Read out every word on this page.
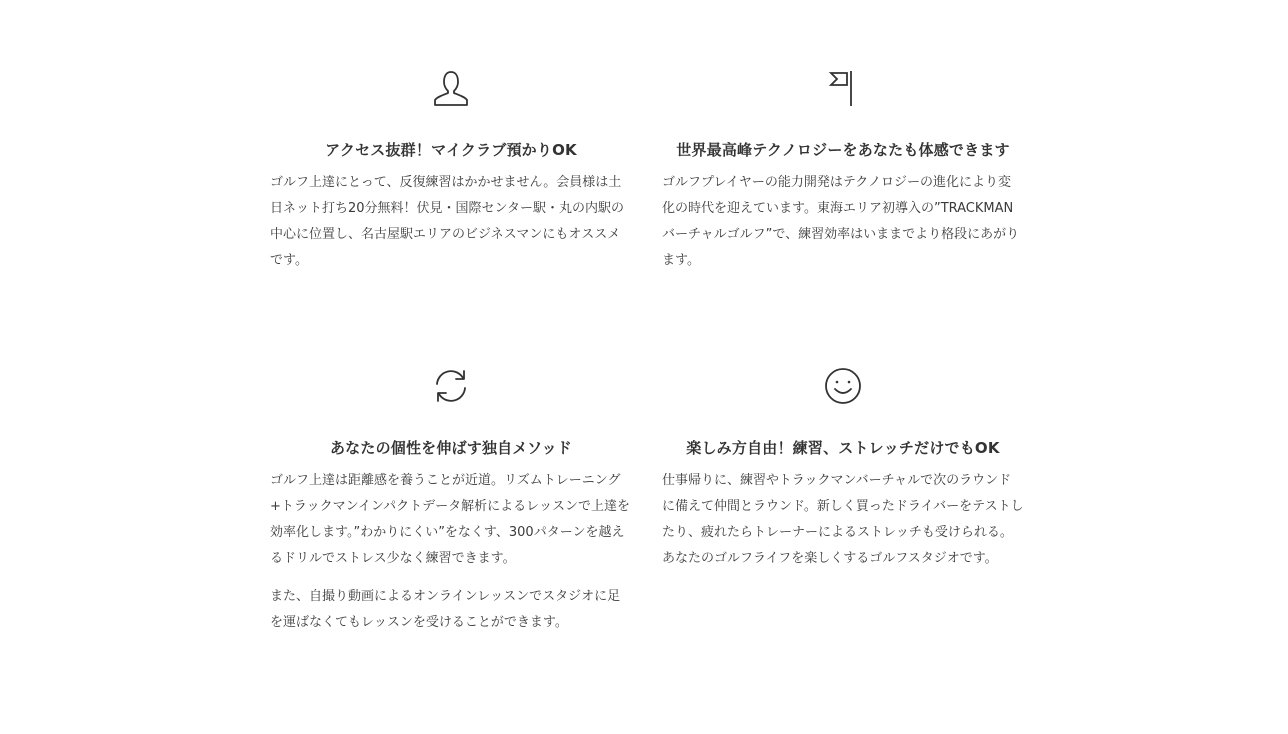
アクセス抜群！マイクラブ預かりOK

ゴルフ上達にとって、反復練習はかかせません。会員様は土日ネット打ち20分無料！伏見・国際センター駅・丸の内駅の中心に位置し、名古屋駅エリアのビジネスマンにもオススメです。

世界最高峰テクノロジーをあなたも体感できます

ゴルフプレイヤーの能力開発はテクノロジーの進化により変化の時代を迎えています。東海エリア初導入の”TRACKMANバーチャルゴルフ”で、練習効率はいままでより格段にあがります。

あなたの個性を伸ばす独自メソッド

ゴルフ上達は距離感を養うことが近道。リズムトレーニング+トラックマンインパクトデータ解析によるレッスンで上達を効率化します。”わかりにくい”をなくす、300パターンを越えるドリルでストレス少なく練習できます。

また、自撮り動画によるオンラインレッスンでスタジオに足を運ばなくてもレッスンを受けることができます。

楽しみ方自由！練習、ストレッチだけでもOK

仕事帰りに、練習やトラックマンバーチャルで次のラウンドに備えて仲間とラウンド。新しく買ったドライバーをテストしたり、疲れたらトレーナーによるストレッチも受けられる。あなたのゴルフライフを楽しくするゴルフスタジオです。
